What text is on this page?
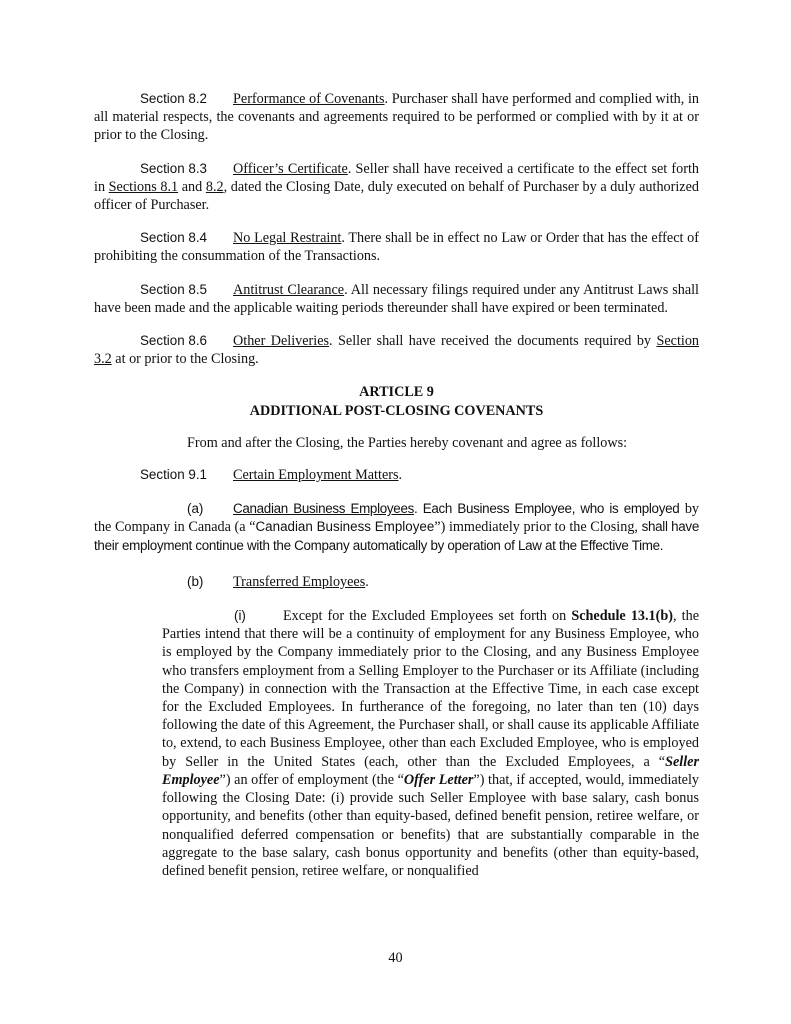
Section 8.2 Performance of Covenants. Purchaser shall have performed and complied with, in all material respects, the covenants and agreements required to be performed or complied with by it at or prior to the Closing.

Section 8.3 Officer’s Certificate. Seller shall have received a certificate to the effect set forth in Sections 8.1 and 8.2, dated the Closing Date, duly executed on behalf of Purchaser by a duly authorized officer of Purchaser.

Section 8.4 No Legal Restraint. There shall be in effect no Law or Order that has the effect of prohibiting the consummation of the Transactions.

Section 8.5 Antitrust Clearance. All necessary filings required under any Antitrust Laws shall have been made and the applicable waiting periods thereunder shall have expired or been terminated.

Section 8.6 Other Deliveries. Seller shall have received the documents required by Section 3.2 at or prior to the Closing.

ARTICLE 9
ADDITIONAL POST-CLOSING COVENANTS

From and after the Closing, the Parties hereby covenant and agree as follows:

Section 9.1 Certain Employment Matters.

(a) Canadian Business Employees. Each Business Employee, who is employed by the Company in Canada (a “Canadian Business Employee”) immediately prior to the Closing, shall have their employment continue with the Company automatically by operation of Law at the Effective Time.

(b) Transferred Employees.

(i)	Except for the Excluded Employees set forth on Schedule 13.1(b), the Parties intend that there will be a continuity of employment for any Business Employee, who is employed by the Company immediately prior to the Closing, and any Business Employee who transfers employment from a Selling Employer to the Purchaser or its Affiliate (including the Company) in connection with the Transaction at the Effective Time, in each case except for the Excluded Employees. In furtherance of the foregoing, no later than ten (10) days following the date of this Agreement, the Purchaser shall, or shall cause its applicable Affiliate to, extend, to each Business Employee, other than each Excluded Employee, who is employed by Seller in the United States (each, other than the Excluded Employees, a “Seller Employee”) an offer of employment (the “Offer Letter”) that, if accepted, would, immediately following the Closing Date: (i) provide such Seller Employee with base salary, cash bonus opportunity, and benefits (other than equity-based, defined benefit pension, retiree welfare, or nonqualified deferred compensation or benefits) that are substantially comparable in the aggregate to the base salary, cash bonus opportunity and benefits (other than equity-based, defined benefit pension, retiree welfare, or nonqualified

40
